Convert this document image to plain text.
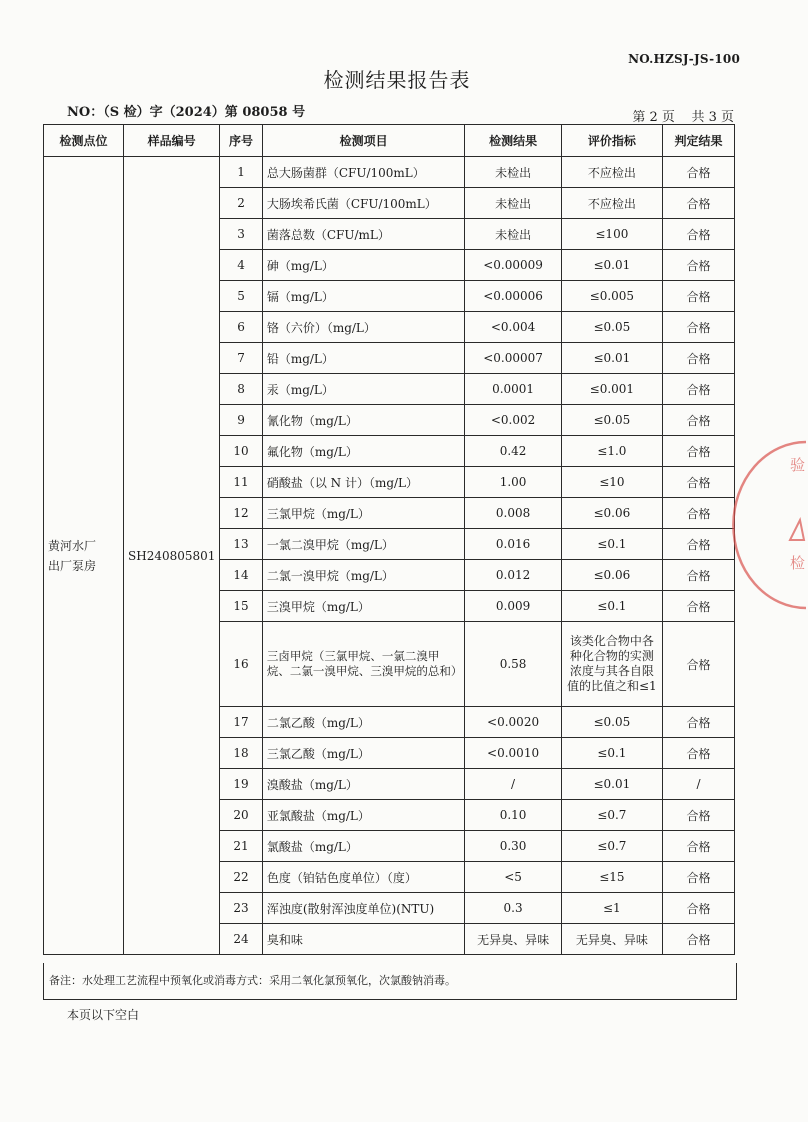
NO.HZSJ-JS-100
检测结果报告表
NO：（S 检）字（2024）第 08058 号	第 2 页 共 3 页
检测点位	样品编号	序号	检测项目	检测结果	评价指标	判定结果

黄河水厂
出厂泵房	SH240805801	1	总大肠菌群（CFU/100mL）	未检出	不应检出	合格
		2	大肠埃希氏菌（CFU/100mL）	未检出	不应检出	合格
		3	菌落总数（CFU/mL）	未检出	≤100	合格
		4	砷（mg/L）	<0.00009	≤0.01	合格
		5	镉（mg/L）	<0.00006	≤0.005	合格
		6	铬（六价）（mg/L）	<0.004	≤0.05	合格
		7	铅（mg/L）	<0.00007	≤0.01	合格
		8	汞（mg/L）	0.0001	≤0.001	合格
		9	氰化物（mg/L）	<0.002	≤0.05	合格
		10	氟化物（mg/L）	0.42	≤1.0	合格
		11	硝酸盐（以 N 计）（mg/L）	1.00	≤10	合格
		12	三氯甲烷（mg/L）	0.008	≤0.06	合格
		13	一氯二溴甲烷（mg/L）	0.016	≤0.1	合格
		14	二氯一溴甲烷（mg/L）	0.012	≤0.06	合格
		15	三溴甲烷（mg/L）	0.009	≤0.1	合格
		16	三卤甲烷（三氯甲烷、一氯二溴甲烷、二氯一溴甲烷、三溴甲烷的总和）	0.58	该类化合物中各种化合物的实测浓度与其各自限值的比值之和≤1	合格
		17	二氯乙酸（mg/L）	<0.0020	≤0.05	合格
		18	三氯乙酸（mg/L）	<0.0010	≤0.1	合格
		19	溴酸盐（mg/L）	/	≤0.01	/
		20	亚氯酸盐（mg/L）	0.10	≤0.7	合格
		21	氯酸盐（mg/L）	0.30	≤0.7	合格
		22	色度（铂钴色度单位）（度）	<5	≤15	合格
		23	浑浊度(散射浑浊度单位)(NTU)	0.3	≤1	合格
		24	臭和味	无异臭、异味	无异臭、异味	合格
备注：水处理工艺流程中预氧化或消毒方式：采用二氧化氯预氧化，次氯酸钠消毒。
本页以下空白
验
检
